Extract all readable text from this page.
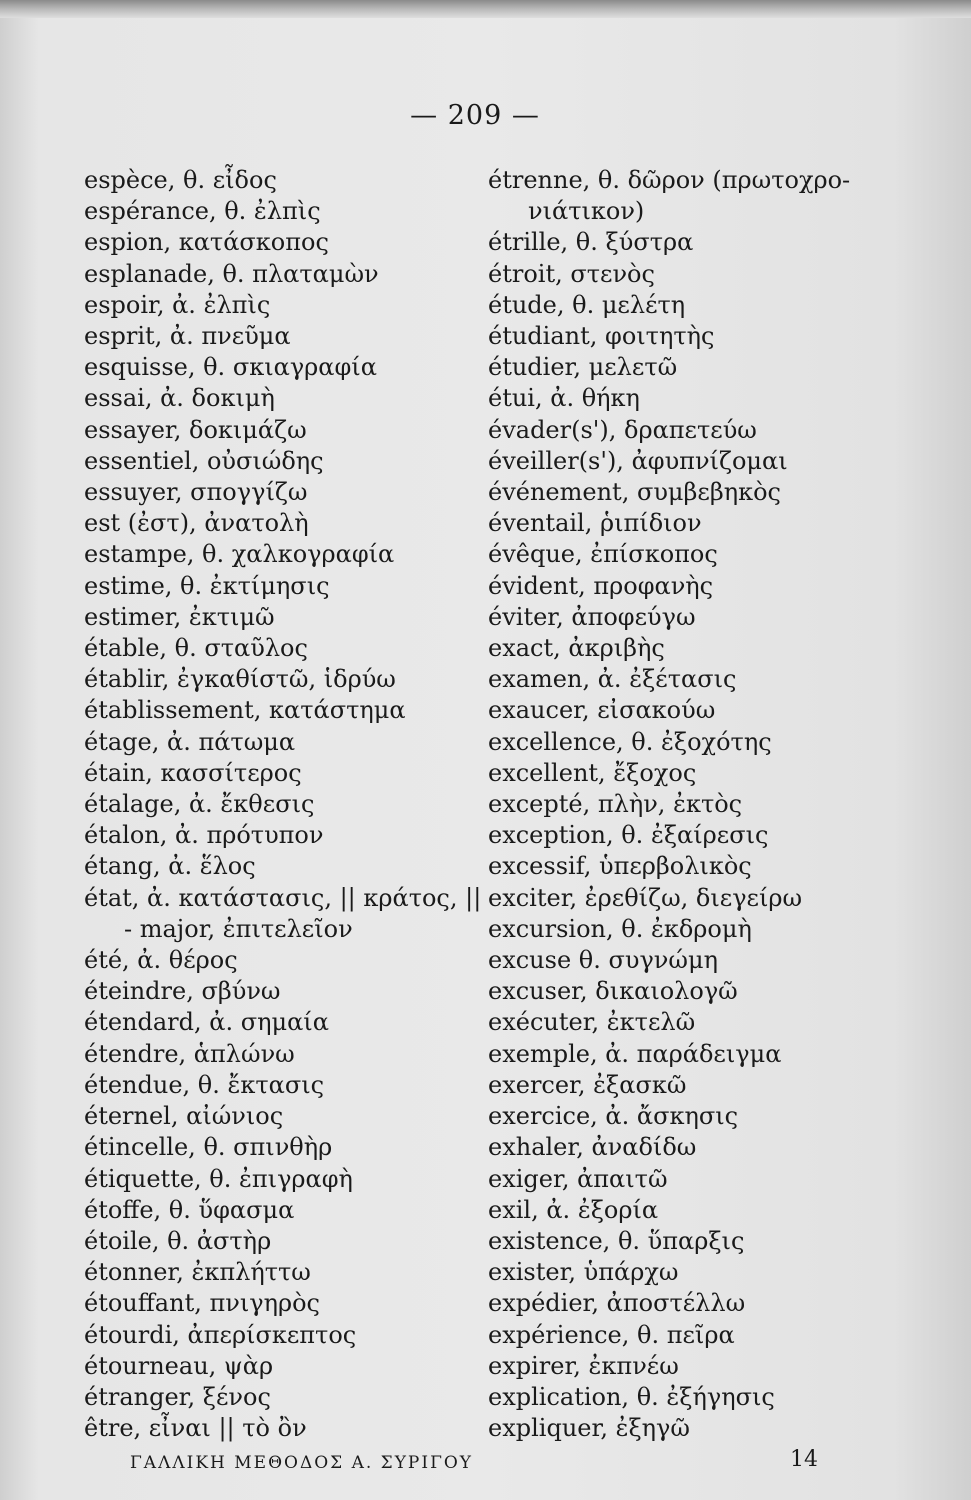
— 209 —
espèce, θ. εἶδος
espérance, θ. ἐλπὶς
espion, κατάσκοπος
esplanade, θ. πλαταμὼν
espoir, ἀ. ἐλπὶς
esprit, ἀ. πνεῦμα
esquisse, θ. σκιαγραφία
essai, ἀ. δοκιμὴ
essayer, δοκιμάζω
essentiel, οὐσιώδης
essuyer, σπογγίζω
est (ἐστ), ἀνατολὴ
estampe, θ. χαλκογραφία
estime, θ. ἐκτίμησις
estimer, ἐκτιμῶ
étable, θ. σταῦλος
établir, ἐγκαθίστῶ, ἱδρύω
établissement, κατάστημα
étage, ἀ. πάτωμα
étain, κασσίτερος
étalage, ἀ. ἔκθεσις
étalon, ἀ. πρότυπον
étang, ἀ. ἕλος
état, ἀ. κατάστασις, || κράτος, ||
- major, ἐπιτελεῖον
été, ἀ. θέρος
éteindre, σβύνω
étendard, ἀ. σημαία
étendre, ἁπλώνω
étendue, θ. ἔκτασις
éternel, αἰώνιος
étincelle, θ. σπινθὴρ
étiquette, θ. ἐπιγραφὴ
étoffe, θ. ὕφασμα
étoile, θ. ἀστὴρ
étonner, ἐκπλήττω
étouffant, πνιγηρὸς
étourdi, ἀπερίσκεπτος
étourneau, ψὰρ
étranger, ξένος
être, εἶναι || τὸ ὂν
étrenne, θ. δῶρον (πρωτοχρο-
νιάτικον)
étrille, θ. ξύστρα
étroit, στενὸς
étude, θ. μελέτη
étudiant, φοιτητὴς
étudier, μελετῶ
étui, ἀ. θήκη
évader(s'), δραπετεύω
éveiller(s'), ἀφυπνίζομαι
événement, συμβεβηκὸς
éventail, ῥιπίδιον
évêque, ἐπίσκοπος
évident, προφανὴς
éviter, ἀποφεύγω
exact, ἀκριβὴς
examen, ἀ. ἐξέτασις
exaucer, εἰσακούω
excellence, θ. ἐξοχότης
excellent, ἔξοχος
excepté, πλὴν, ἐκτὸς
exception, θ. ἐξαίρεσις
excessif, ὑπερβολικὸς
exciter, ἐρεθίζω, διεγείρω
excursion, θ. ἐκδρομὴ
excuse θ. συγνώμη
excuser, δικαιολογῶ
exécuter, ἐκτελῶ
exemple, ἀ. παράδειγμα
exercer, ἐξασκῶ
exercice, ἀ. ἄσκησις
exhaler, ἀναδίδω
exiger, ἀπαιτῶ
exil, ἀ. ἐξορία
existence, θ. ὕπαρξις
exister, ὑπάρχω
expédier, ἀποστέλλω
expérience, θ. πεῖρα
expirer, ἐκπνέω
explication, θ. ἐξήγησις
expliquer, ἐξηγῶ
ΓΑΛΛΙΚΗ ΜΕΘΟΔΟΣ Α. ΣΥΡΙΓΟΥ	14
